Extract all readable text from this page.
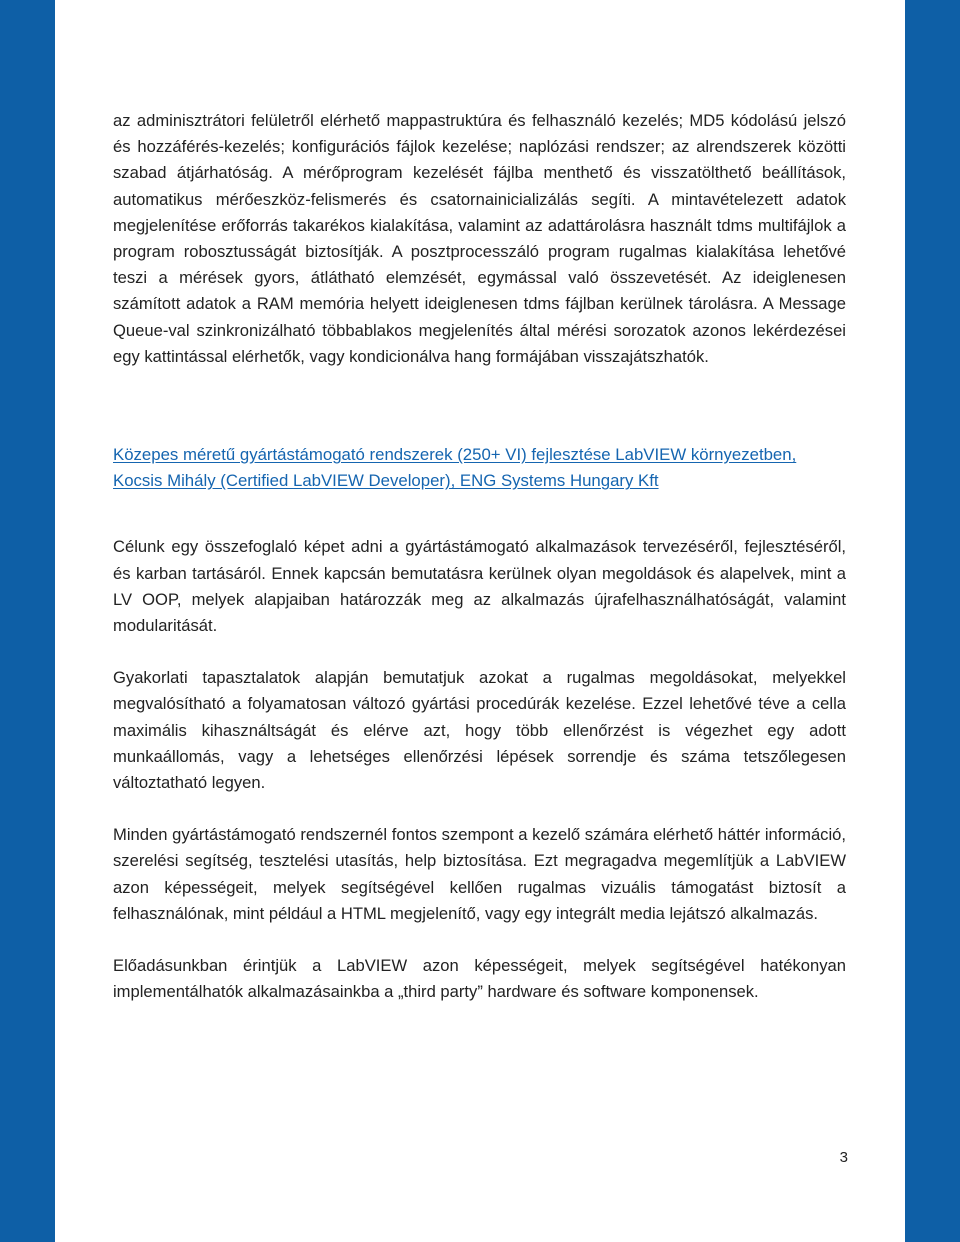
az adminisztrátori felületről elérhető mappastruktúra és felhasználó kezelés; MD5 kódolású jelszó és hozzáférés-kezelés; konfigurációs fájlok kezelése; naplózási rendszer; az alrendszerek közötti szabad átjárhatóság. A mérőprogram kezelését fájlba menthető és visszatölthető beállítások, automatikus mérőeszköz-felismerés és csatornainicializálás segíti. A mintavételezett adatok megjelenítése erőforrás takarékos kialakítása, valamint az adattárolásra használt tdms multifájlok a program robosztusságát biztosítják. A posztprocesszáló program rugalmas kialakítása lehetővé teszi a mérések gyors, átlátható elemzését, egymással való összevetését. Az ideiglenesen számított adatok a RAM memória helyett ideiglenesen tdms fájlban kerülnek tárolásra. A Message Queue-val szinkronizálható többablakos megjelenítés által mérési sorozatok azonos lekérdezései egy kattintással elérhetők, vagy kondicionálva hang formájában visszajátszhatók.

Közepes méretű gyártástámogató rendszerek (250+ VI) fejlesztése LabVIEW környezetben, Kocsis Mihály (Certified LabVIEW Developer), ENG Systems Hungary Kft

Célunk egy összefoglaló képet adni a gyártástámogató alkalmazások tervezéséről, fejlesztéséről, és karban tartásáról. Ennek kapcsán bemutatásra kerülnek olyan megoldások és alapelvek, mint a LV OOP, melyek alapjaiban határozzák meg az alkalmazás újrafelhasználhatóságát, valamint modularitását.

Gyakorlati tapasztalatok alapján bemutatjuk azokat a rugalmas megoldásokat, melyekkel megvalósítható a folyamatosan változó gyártási procedúrák kezelése. Ezzel lehetővé téve a cella maximális kihasználtságát és elérve azt, hogy több ellenőrzést is végezhet egy adott munkaállomás, vagy a lehetséges ellenőrzési lépések sorrendje és száma tetszőlegesen változtatható legyen.

Minden gyártástámogató rendszernél fontos szempont a kezelő számára elérhető háttér információ, szerelési segítség, tesztelési utasítás, help biztosítása. Ezt megragadva megemlítjük a LabVIEW azon képességeit, melyek segítségével kellően rugalmas vizuális támogatást biztosít a felhasználónak, mint például a HTML megjelenítő, vagy egy integrált media lejátszó alkalmazás.

Előadásunkban érintjük a LabVIEW azon képességeit, melyek segítségével hatékonyan implementálhatók alkalmazásainkba a „third party” hardware és software komponensek.

3
